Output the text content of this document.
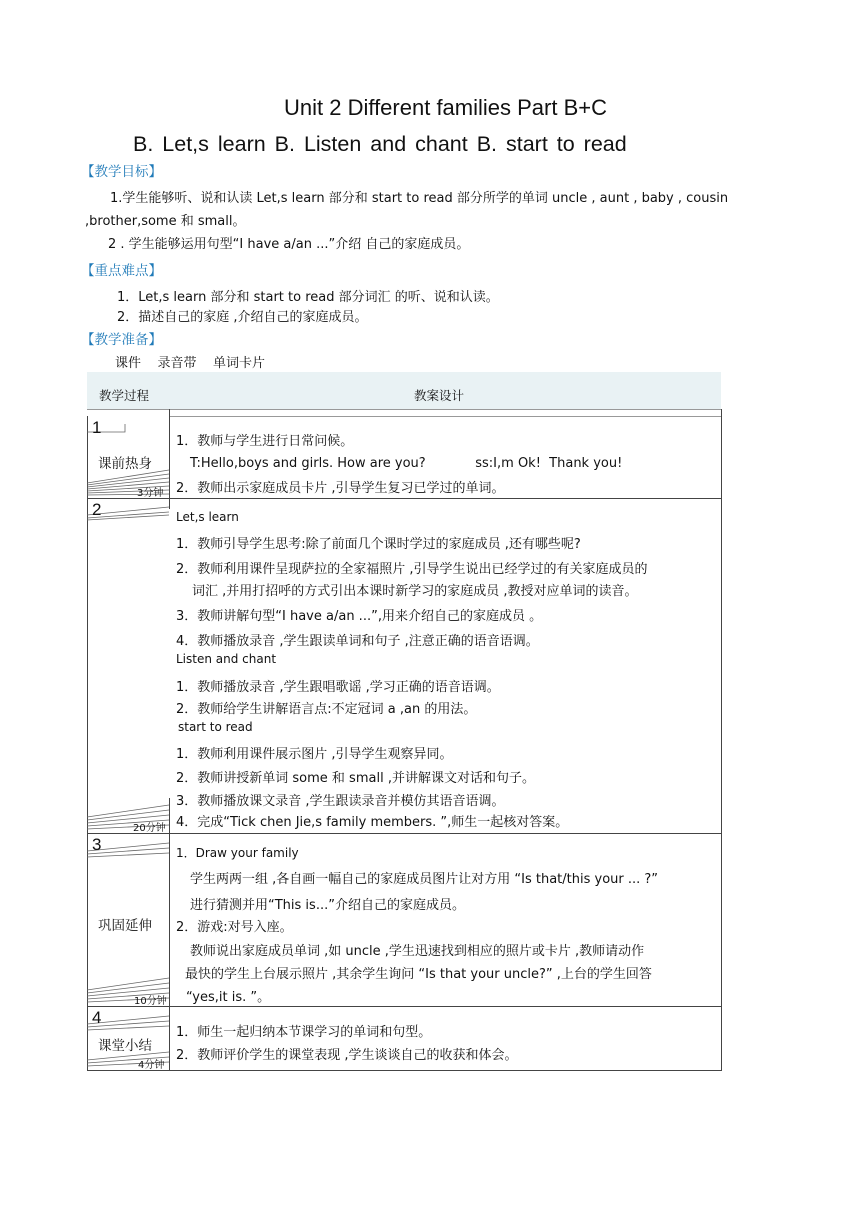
Unit 2 Different families Part B+C
B. Let,s learn B. Listen and chant B. start to read
【教学目标】
1.学生能够听、说和认读 Let,s learn 部分和 start to read 部分所学的单词 uncle , aunt , baby , cousin
,brother,some 和 small。
2 . 学生能够运用句型“I have a/an ...”介绍 自己的家庭成员。
【重点难点】
1．Let,s learn 部分和 start to read 部分词汇 的听、说和认读。
2．描述自己的家庭 ,介绍自己的家庭成员。
【教学准备】
课件    录音带    单词卡片
教学过程	教案设计
1
课前热身
3分钟
1．教师与学生进行日常问候。
T:Hello,boys and girls. How are you?            ss:I,m Ok!  Thank you!
2．教师出示家庭成员卡片 ,引导学生复习已学过的单词。
2
20分钟
Let,s learn
1．教师引导学生思考:除了前面几个课时学过的家庭成员 ,还有哪些呢?
2．教师利用课件呈现萨拉的全家福照片 ,引导学生说出已经学过的有关家庭成员的
词汇 ,并用打招呼的方式引出本课时新学习的家庭成员 ,教授对应单词的读音。
3．教师讲解句型“I have a/an ...”,用来介绍自己的家庭成员 。
4．教师播放录音 ,学生跟读单词和句子 ,注意正确的语音语调。
Listen and chant
1．教师播放录音 ,学生跟唱歌谣 ,学习正确的语音语调。
2．教师给学生讲解语言点:不定冠词 a ,an 的用法。
start to read
1．教师利用课件展示图片 ,引导学生观察异同。
2．教师讲授新单词 some 和 small ,并讲解课文对话和句子。
3．教师播放课文录音 ,学生跟读录音并模仿其语音语调。
4．完成“Tick chen Jie,s family members. ”,师生一起核对答案。
3
巩固延伸
10分钟
1．Draw your family
学生两两一组 ,各自画一幅自己的家庭成员图片让对方用 “Is that/this your ... ?”
进行猜测并用“This is...”介绍自己的家庭成员。
2．游戏:对号入座。
教师说出家庭成员单词 ,如 uncle ,学生迅速找到相应的照片或卡片 ,教师请动作
最快的学生上台展示照片 ,其余学生询问 “Is that your uncle?” ,上台的学生回答
“yes,it is. ”。
4
课堂小结
4分钟
1．师生一起归纳本节课学习的单词和句型。
2．教师评价学生的课堂表现 ,学生谈谈自己的收获和体会。
